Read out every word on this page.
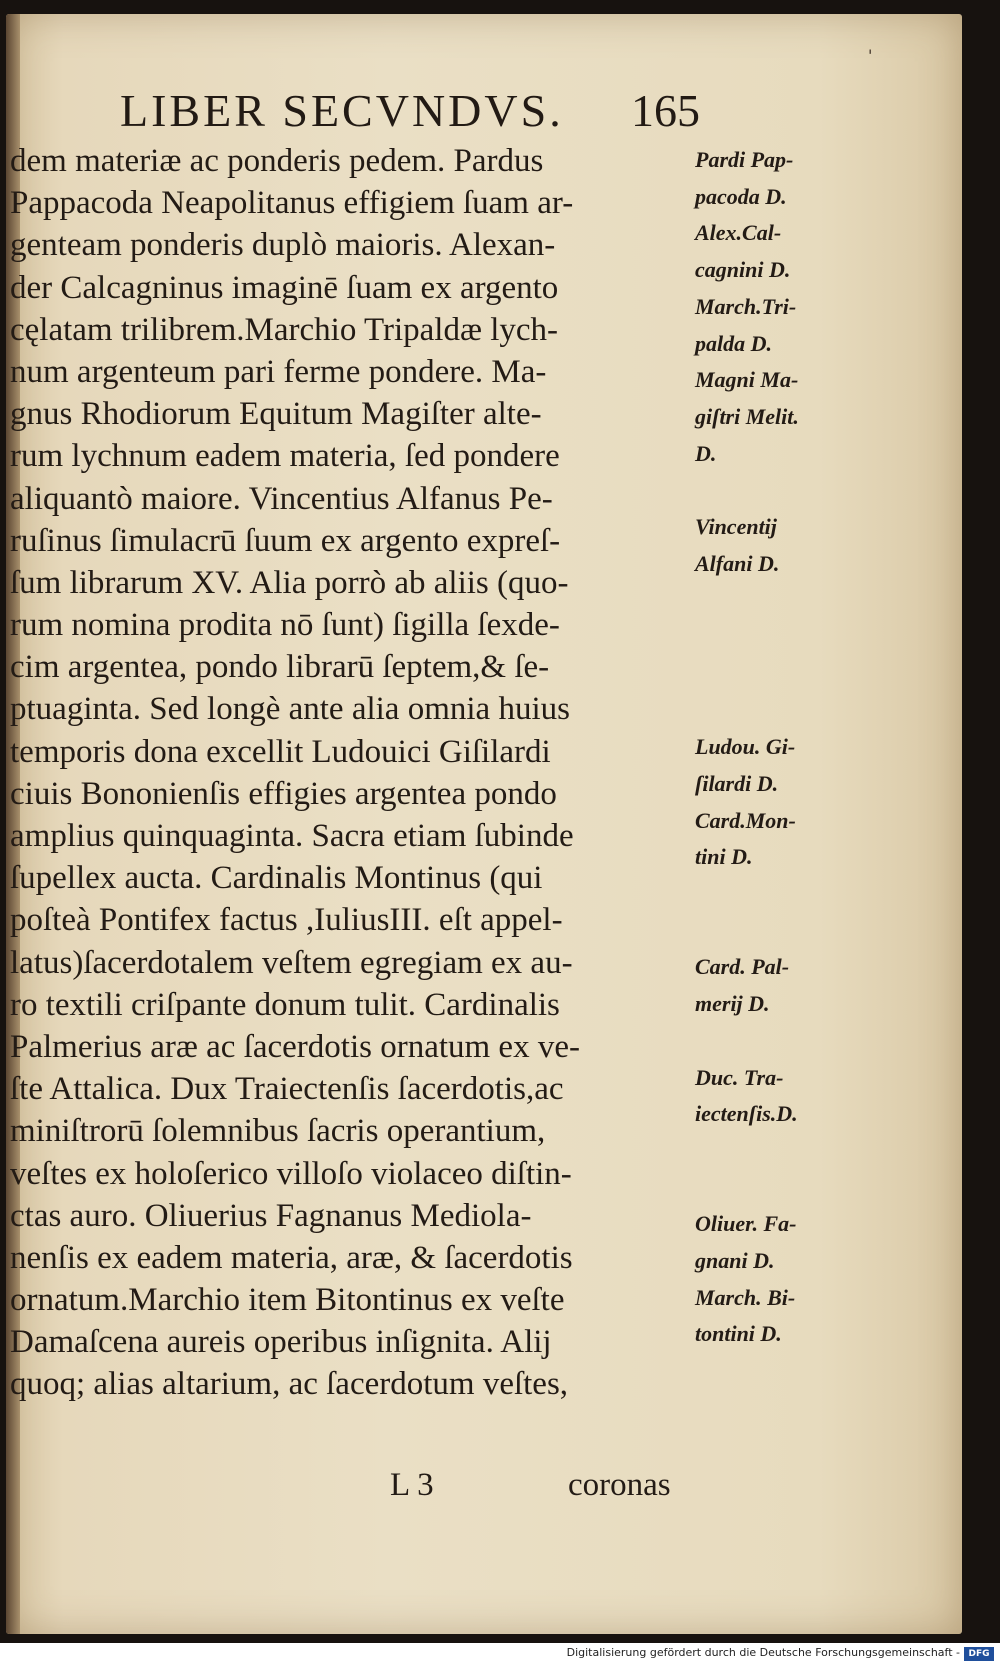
'
LIBER SECVNDVS. 165
dem materiæ ac ponderis pedem. Pardus
Pappacoda Neapolitanus effigiem ſuam ar-
genteam ponderis duplò maioris. Alexan-
der Calcagninus imaginē ſuam ex argento
cęlatam trilibrem.Marchio Tripaldæ lych-
num argenteum pari ferme pondere. Ma-
gnus Rhodiorum Equitum Magiſter alte-
rum lychnum eadem materia, ſed pondere
aliquantò maiore. Vincentius Alfanus Pe-
ruſinus ſimulacrū ſuum ex argento expreſ-
ſum librarum XV. Alia porrò ab aliis (quo-
rum nomina prodita nō ſunt) ſigilla ſexde-
cim argentea, pondo librarū ſeptem,& ſe-
ptuaginta. Sed longè ante alia omnia huius
temporis dona excellit Ludouici Giſilardi
ciuis Bononienſis effigies argentea pondo
amplius quinquaginta. Sacra etiam ſubinde
ſupellex aucta. Cardinalis Montinus (qui
poſteà Pontifex factus ,IuliusIII. eſt appel-
latus)ſacerdotalem veſtem egregiam ex au-
ro textili criſpante donum tulit. Cardinalis
Palmerius aræ ac ſacerdotis ornatum ex ve-
ſte Attalica. Dux Traiectenſis ſacerdotis,ac
miniſtrorū ſolemnibus ſacris operantium,
veſtes ex holoſerico villoſo violaceo diſtin-
ctas auro. Oliuerius Fagnanus Mediola-
nenſis ex eadem materia, aræ, & ſacerdotis
ornatum.Marchio item Bitontinus ex veſte
Damaſcena aureis operibus inſignita. Alij
quoq; alias altarium, ac ſacerdotum veſtes,
Pardi Pap-
pacoda D.
Alex.Cal-
cagnini D.
March.Tri-
palda D.
Magni Ma-
giſtri Melit.
D.
Vincentij
Alfani D.
Ludou. Gi-
ſilardi D.
Card.Mon-
tini D.
Card. Pal-
merij D.
Duc. Tra-
iectenſis.D.
Oliuer. Fa-
gnani D.
March. Bi-
tontini D.
L 3	coronas
Digitalisierung gefördert durch die Deutsche Forschungsgemeinschaft - DFG
